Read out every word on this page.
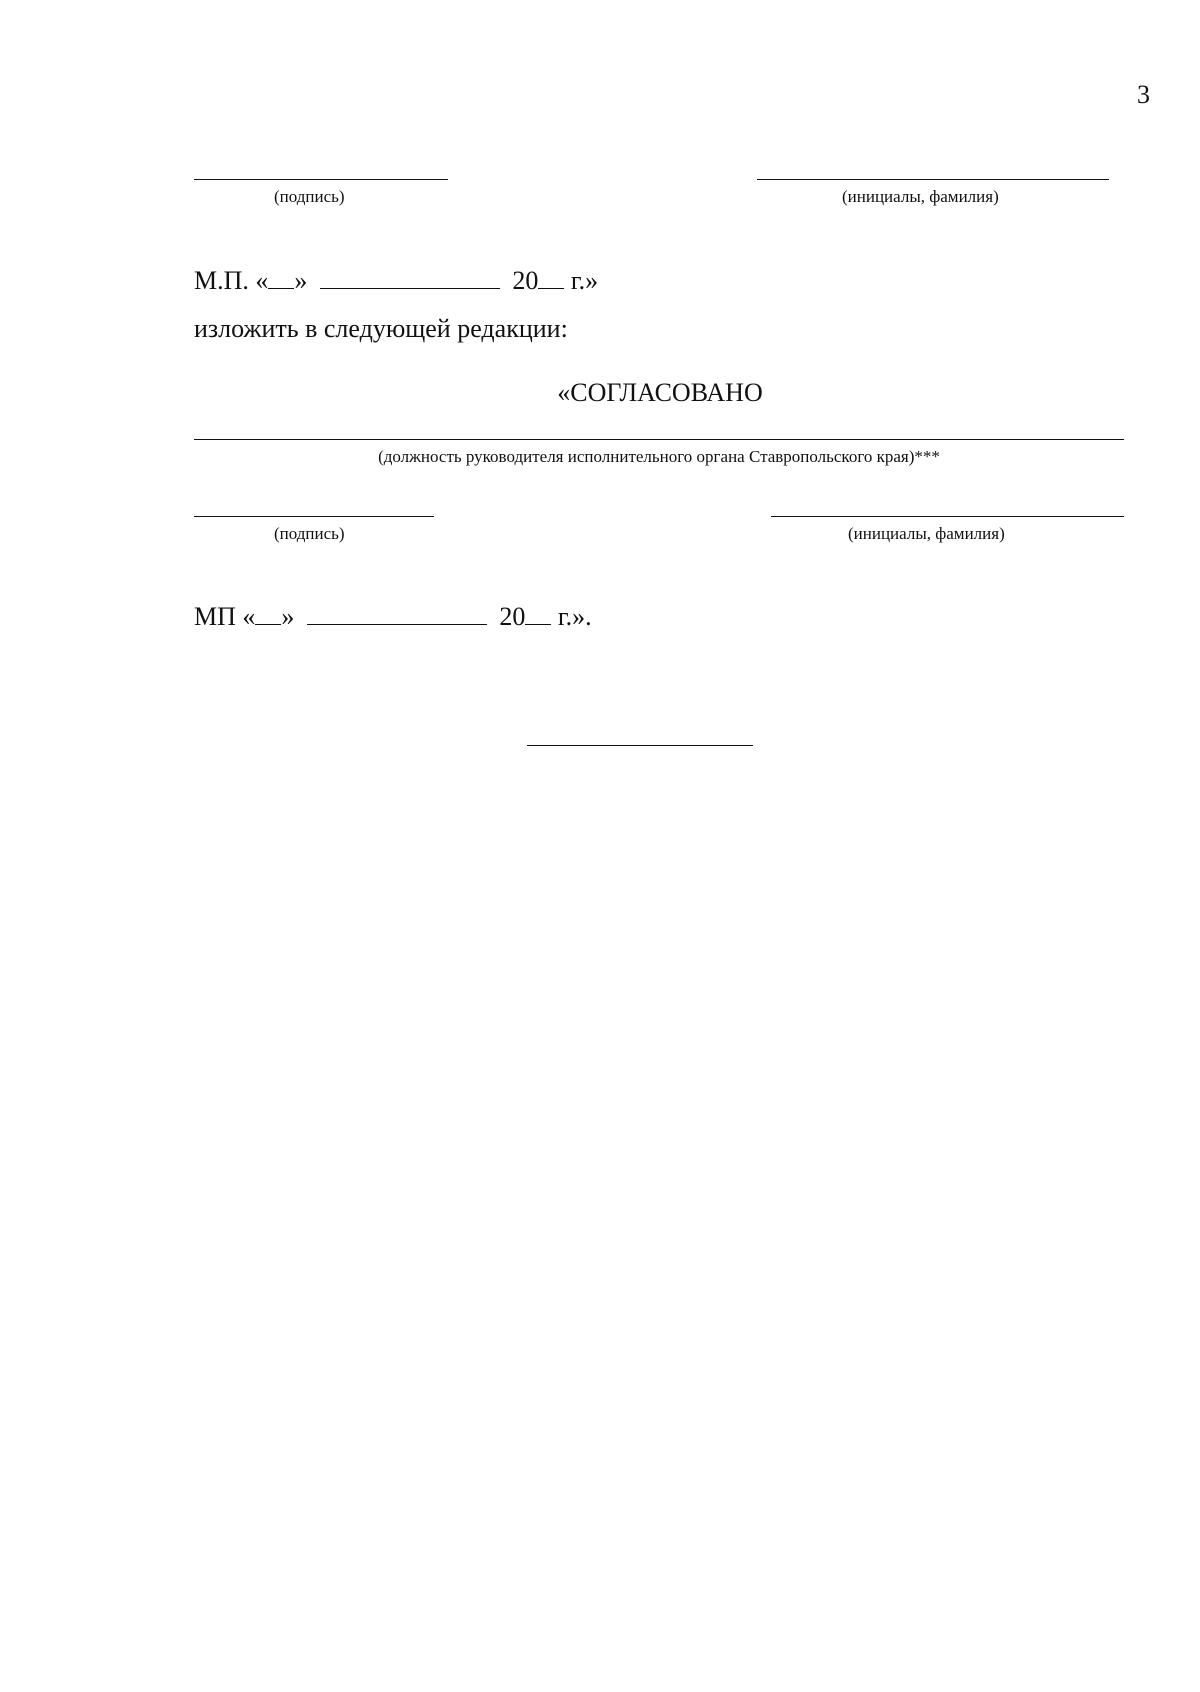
3
(подпись)	(инициалы, фамилия)
М.П. « »	20 г.»
изложить в следующей редакции:
«СОГЛАСОВАНО
(должность руководителя исполнительного органа Ставропольского края)***
(подпись)	(инициалы, фамилия)
МП « »	20 г.».
